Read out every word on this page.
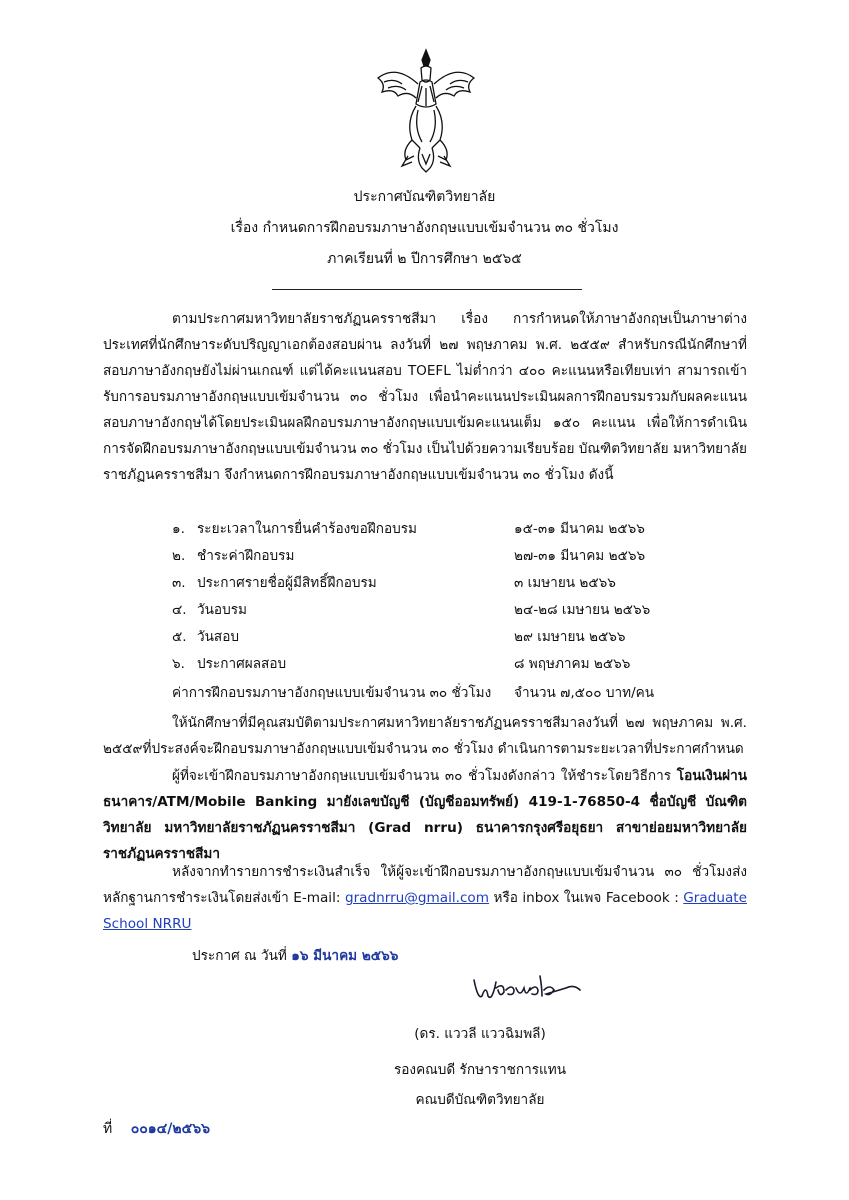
ประกาศบัณฑิตวิทยาลัย
เรื่อง กำหนดการฝึกอบรมภาษาอังกฤษแบบเข้มจำนวน ๓๐ ชั่วโมง
ภาคเรียนที่ ๒ ปีการศึกษา ๒๕๖๕

ตามประกาศมหาวิทยาลัยราชภัฏนครราชสีมา เรื่อง การกำหนดให้ภาษาอังกฤษเป็นภาษาต่างประเทศที่นักศึกษาระดับปริญญาเอกต้องสอบผ่าน ลงวันที่ ๒๗ พฤษภาคม พ.ศ. ๒๕๕๙ สำหรับกรณีนักศึกษาที่สอบภาษาอังกฤษยังไม่ผ่านเกณฑ์ แต่ได้คะแนนสอบ TOEFL ไม่ต่ำกว่า ๔๐๐ คะแนนหรือเทียบเท่า สามารถเข้ารับการอบรมภาษาอังกฤษแบบเข้มจำนวน ๓๐ ชั่วโมง เพื่อนำคะแนนประเมินผลการฝึกอบรมรวมกับผลคะแนนสอบภาษาอังกฤษได้โดยประเมินผลฝึกอบรมภาษาอังกฤษแบบเข้มคะแนนเต็ม ๑๕๐ คะแนน เพื่อให้การดำเนินการจัดฝึกอบรมภาษาอังกฤษแบบเข้มจำนวน ๓๐ ชั่วโมง เป็นไปด้วยความเรียบร้อย บัณฑิตวิทยาลัย มหาวิทยาลัยราชภัฏนครราชสีมา จึงกำหนดการฝึกอบรมภาษาอังกฤษแบบเข้มจำนวน ๓๐ ชั่วโมง ดังนี้

๑. ระยะเวลาในการยื่นคำร้องขอฝึกอบรม	๑๕-๓๑ มีนาคม ๒๕๖๖
๒. ชำระค่าฝึกอบรม	๒๗-๓๑ มีนาคม ๒๕๖๖
๓. ประกาศรายชื่อผู้มีสิทธิ์ฝึกอบรม	๓ เมษายน ๒๕๖๖
๔. วันอบรม	๒๔-๒๘ เมษายน ๒๕๖๖
๕. วันสอบ	๒๙ เมษายน ๒๕๖๖
๖. ประกาศผลสอบ	๘ พฤษภาคม ๒๕๖๖
ค่าการฝึกอบรมภาษาอังกฤษแบบเข้มจำนวน ๓๐ ชั่วโมง จำนวน ๗,๕๐๐ บาท/คน

ให้นักศึกษาที่มีคุณสมบัติตามประกาศมหาวิทยาลัยราชภัฏนครราชสีมาลงวันที่ ๒๗ พฤษภาคม พ.ศ. ๒๕๕๙ที่ประสงค์จะฝึกอบรมภาษาอังกฤษแบบเข้มจำนวน ๓๐ ชั่วโมง ดำเนินการตามระยะเวลาที่ประกาศกำหนด

ผู้ที่จะเข้าฝึกอบรมภาษาอังกฤษแบบเข้มจำนวน ๓๐ ชั่วโมงดังกล่าว ให้ชำระโดยวิธีการ โอนเงินผ่านธนาคาร/ATM/Mobile Banking มายังเลขบัญชี (บัญชีออมทรัพย์) 419-1-76850-4 ชื่อบัญชี บัณฑิตวิทยาลัย มหาวิทยาลัยราชภัฏนครราชสีมา (Grad nrru) ธนาคารกรุงศรีอยุธยา สาขาย่อยมหาวิทยาลัยราชภัฏนครราชสีมา

หลังจากทำรายการชำระเงินสำเร็จ ให้ผู้จะเข้าฝึกอบรมภาษาอังกฤษแบบเข้มจำนวน ๓๐ ชั่วโมงส่งหลักฐานการชำระเงินโดยส่งเข้า E-mail: gradnrru@gmail.com หรือ inbox ในเพจ Facebook : Graduate School NRRU

ประกาศ ณ วันที่ ๑๖ มีนาคม ๒๕๖๖
(ดร. แววลี แววฉิมพลี)
รองคณบดี รักษาราชการแทน
คณบดีบัณฑิตวิทยาลัย
ที่ ๐๐๑๔/๒๕๖๖
